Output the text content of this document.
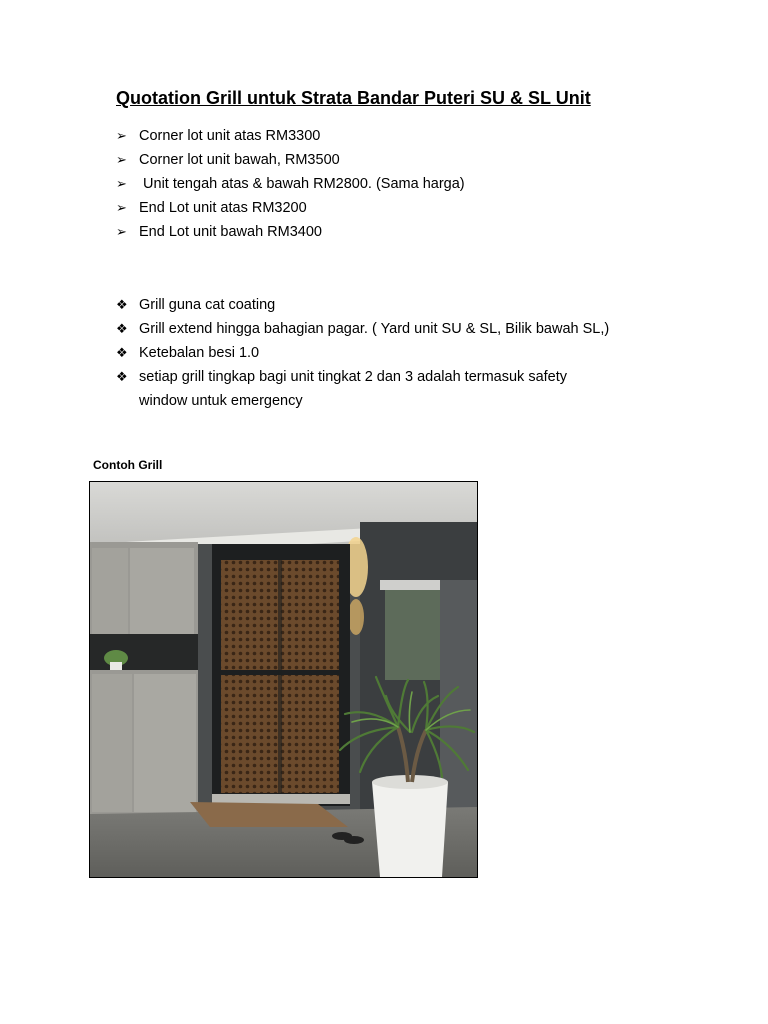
Quotation Grill untuk Strata Bandar Puteri SU & SL Unit
➢ Corner lot unit atas RM3300
➢ Corner lot unit bawah, RM3500
➢ Unit tengah atas & bawah RM2800. (Sama harga)
➢ End Lot unit atas RM3200
➢ End Lot unit bawah RM3400
❖ Grill guna cat coating
❖ Grill extend hingga bahagian pagar. ( Yard unit SU & SL, Bilik bawah SL,)
❖ Ketebalan besi 1.0
❖ setiap grill tingkap bagi unit tingkat 2 dan 3 adalah termasuk safety
window untuk emergency
Contoh Grill
